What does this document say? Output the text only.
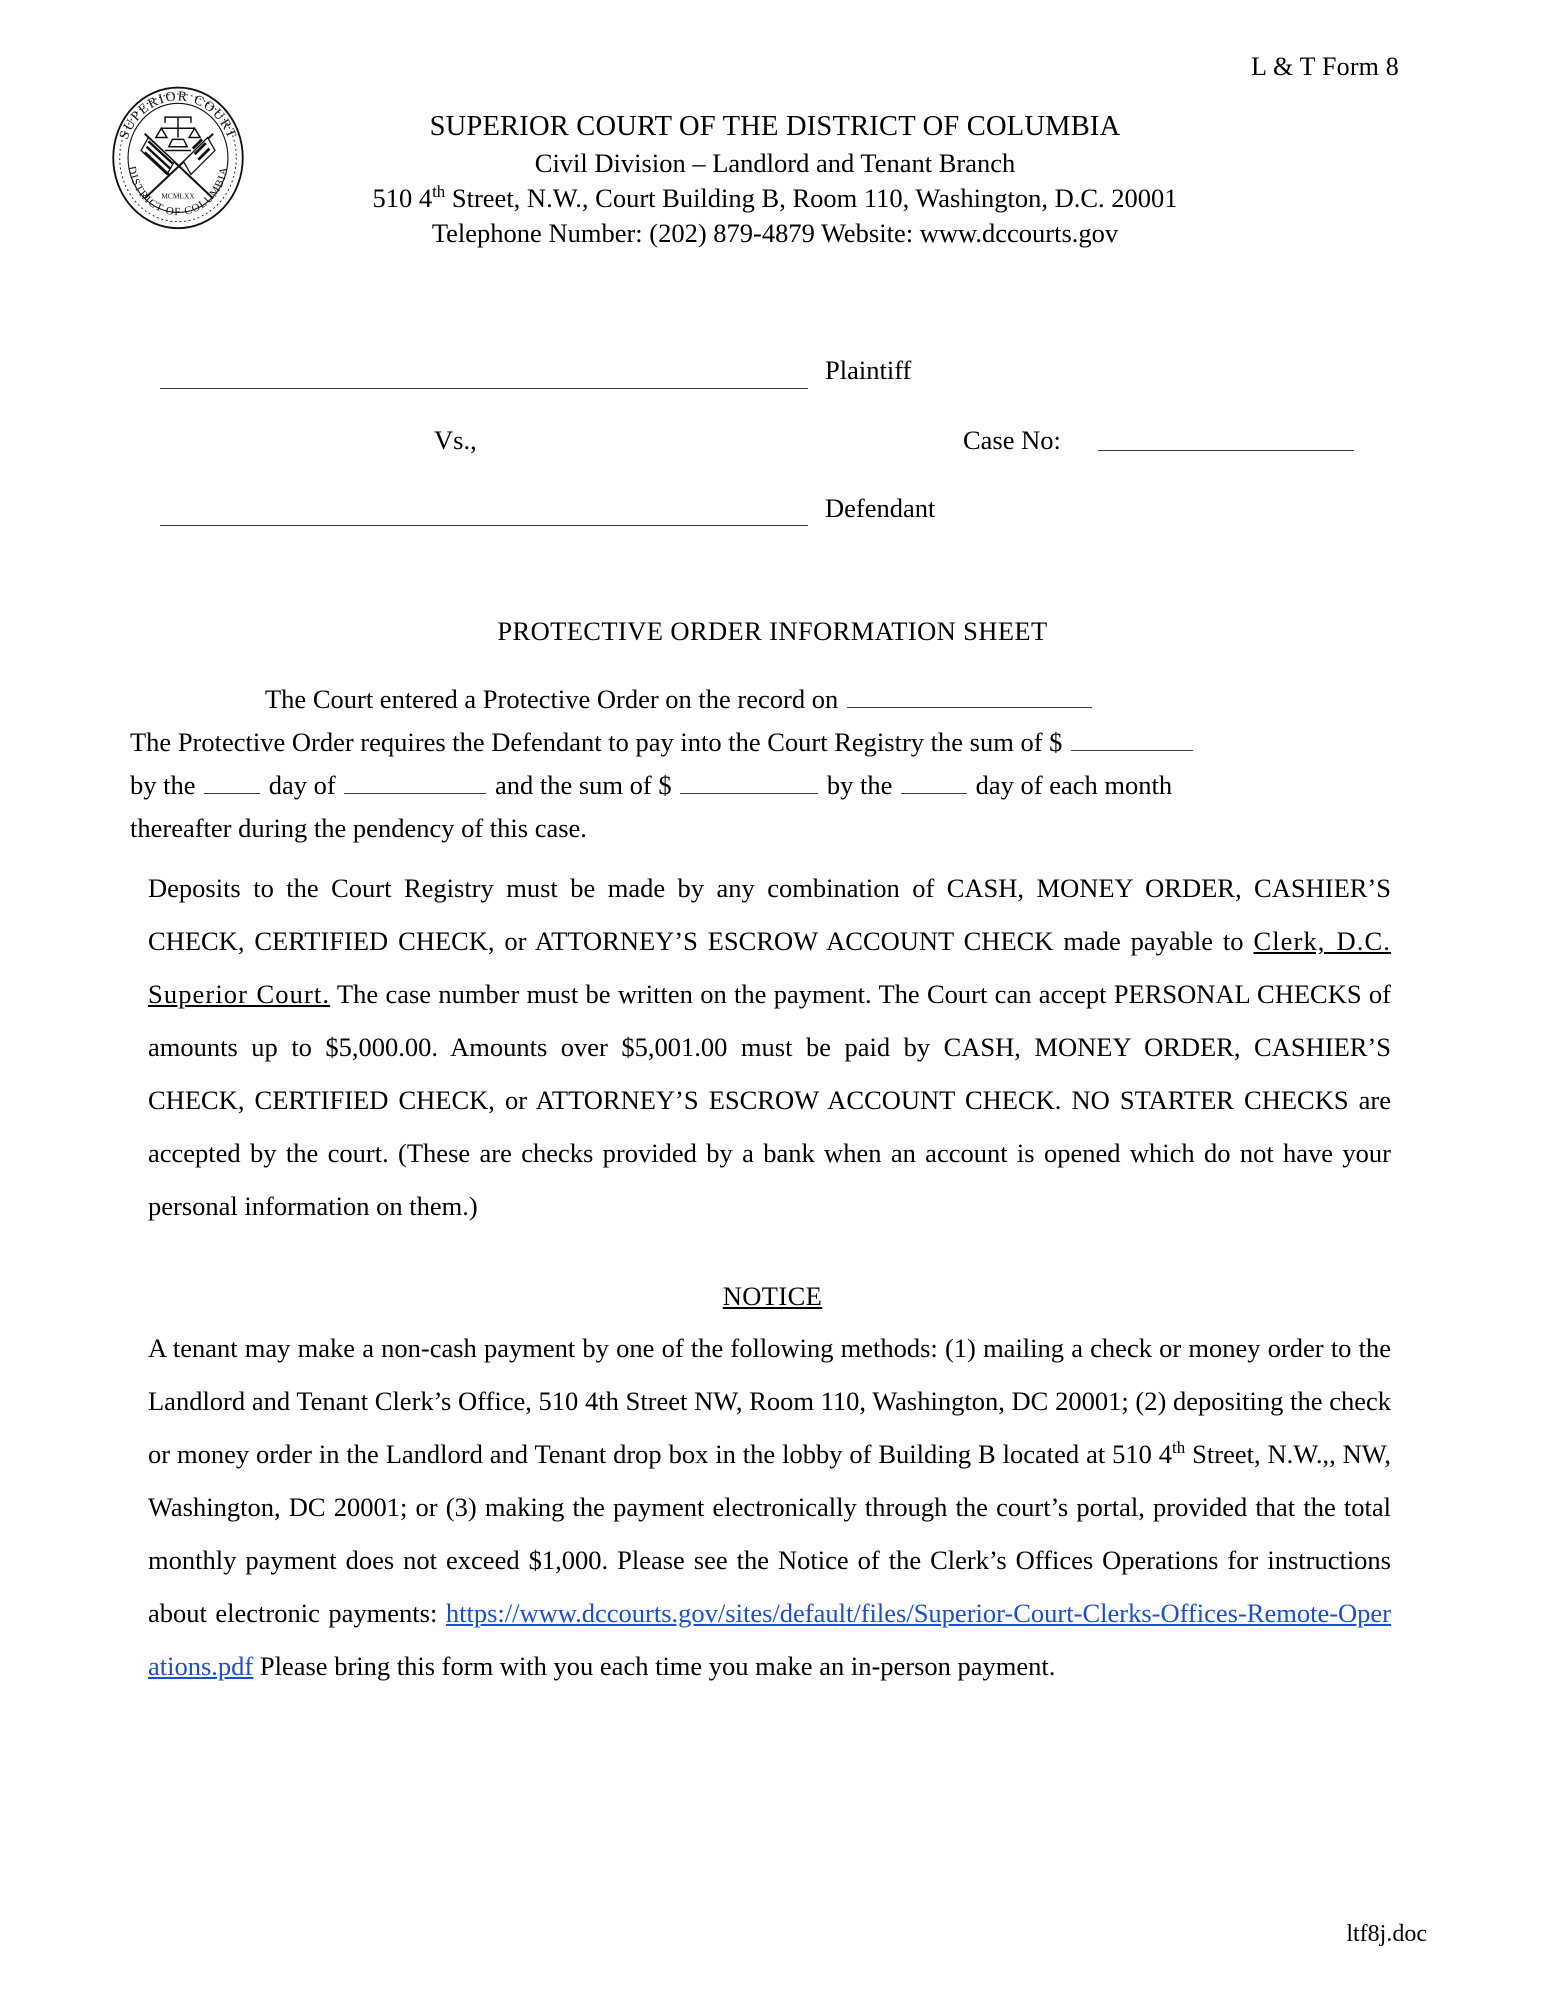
L & T Form 8
SUPERIOR COURT
DISTRICT OF COLUMBIA
MCMLXX
SUPERIOR COURT OF THE DISTRICT OF COLUMBIA
Civil Division – Landlord and Tenant Branch
510 4th Street, N.W., Court Building B, Room 110, Washington, D.C. 20001
Telephone Number: (202) 879-4879 Website: www.dccourts.gov
Plaintiff
Vs.,	Case No:
Defendant
PROTECTIVE ORDER INFORMATION SHEET
The Court entered a Protective Order on the record on
The Protective Order requires the Defendant to pay into the Court Registry the sum of $
by the	day of	and the sum of $	by the	day of each month
thereafter during the pendency of this case.
Deposits to the Court Registry must be made by any combination of CASH, MONEY ORDER, CASHIER’S CHECK, CERTIFIED CHECK, or ATTORNEY’S ESCROW ACCOUNT CHECK made payable to Clerk, D.C. Superior Court. The case number must be written on the payment. The Court can accept PERSONAL CHECKS of amounts up to $5,000.00. Amounts over $5,001.00 must be paid by CASH, MONEY ORDER, CASHIER’S CHECK, CERTIFIED CHECK, or ATTORNEY’S ESCROW ACCOUNT CHECK. NO STARTER CHECKS are accepted by the court. (These are checks provided by a bank when an account is opened which do not have your personal information on them.)
NOTICE
A tenant may make a non-cash payment by one of the following methods: (1) mailing a check or money order to the Landlord and Tenant Clerk’s Office, 510 4th Street NW, Room 110, Washington, DC 20001; (2) depositing the check or money order in the Landlord and Tenant drop box in the lobby of Building B located at 510 4th Street, N.W.,, NW, Washington, DC 20001; or (3) making the payment electronically through the court’s portal, provided that the total monthly payment does not exceed $1,000. Please see the Notice of the Clerk’s Offices Operations for instructions about electronic payments: https://www.dccourts.gov/sites/default/files/Superior-Court-Clerks-Offices-Remote-Operations.pdf Please bring this form with you each time you make an in-person payment.
ltf8j.doc
